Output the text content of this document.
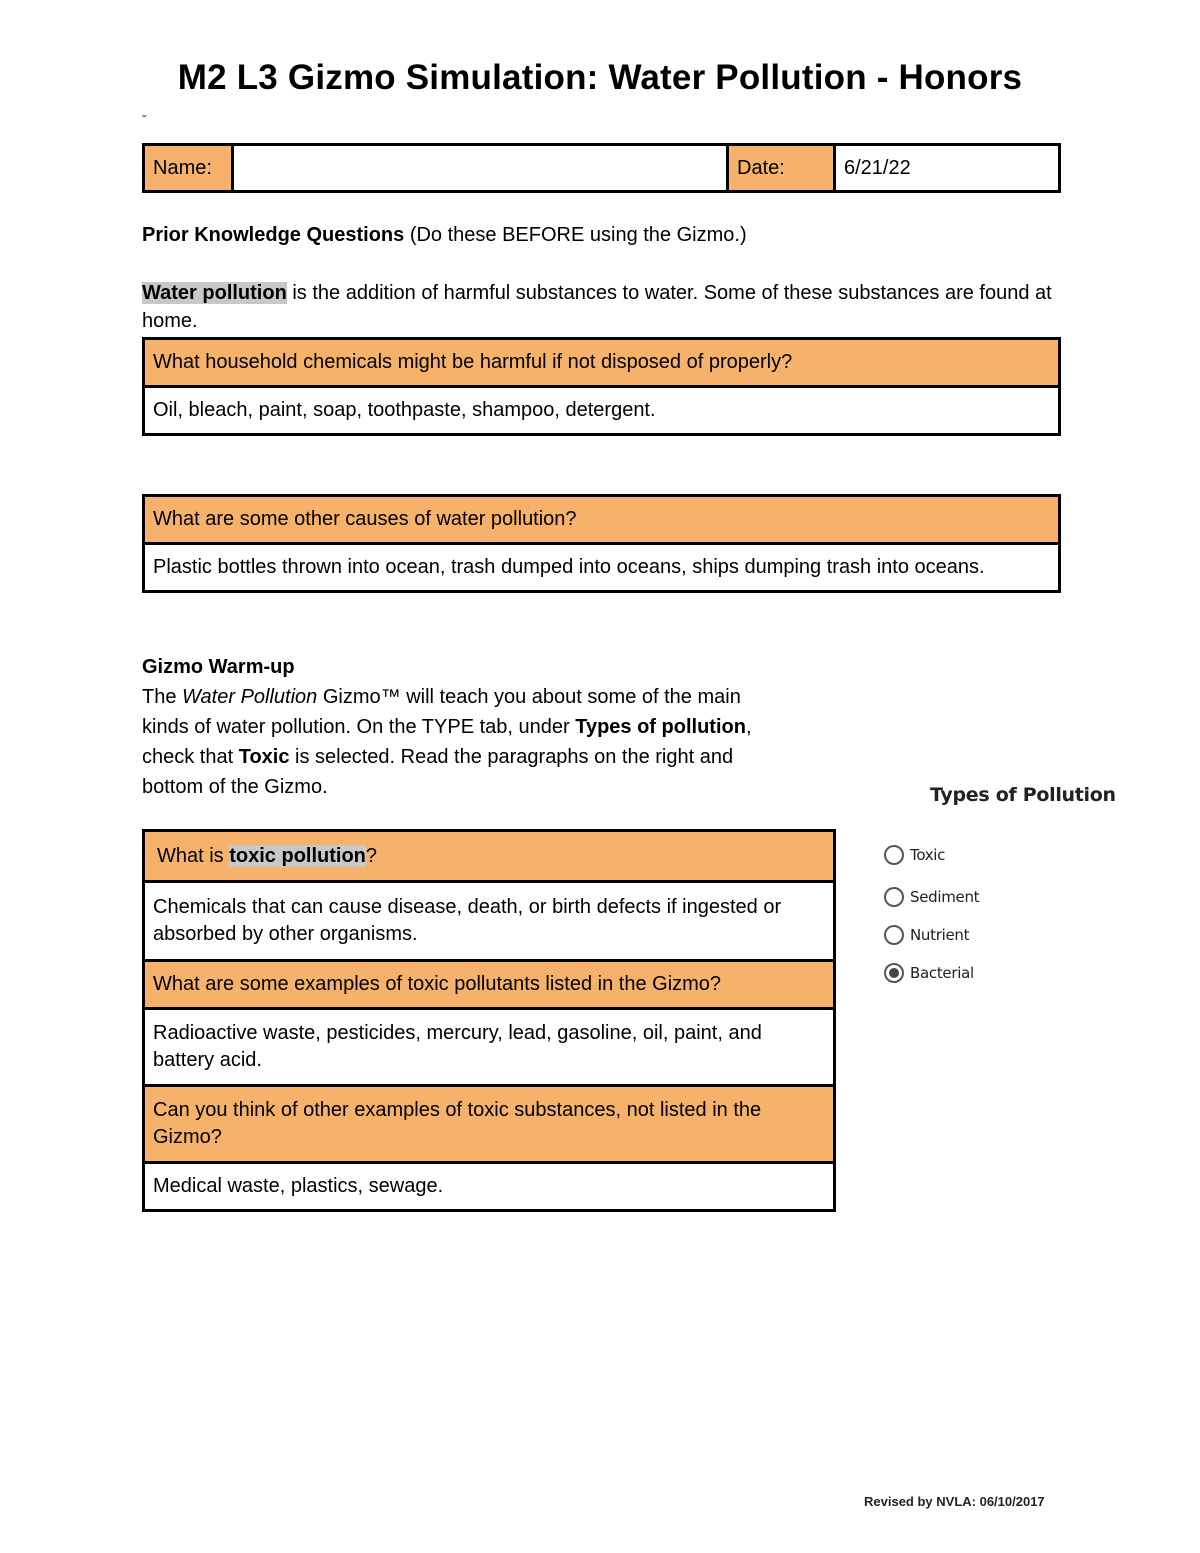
M2 L3 Gizmo Simulation: Water Pollution - Honors
ˇ
Name:		Date:	6/21/22
Prior Knowledge Questions (Do these BEFORE using the Gizmo.)
Water pollution is the addition of harmful substances to water. Some of these substances are found at home.
What household chemicals might be harmful if not disposed of properly?
Oil, bleach, paint, soap, toothpaste, shampoo, detergent.
What are some other causes of water pollution?
Plastic bottles thrown into ocean, trash dumped into oceans, ships dumping trash into oceans.
Gizmo Warm-up
The Water Pollution Gizmo™ will teach you about some of the main kinds of water pollution. On the TYPE tab, under Types of pollution, check that Toxic is selected. Read the paragraphs on the right and bottom of the Gizmo.
What is toxic pollution?
Chemicals that can cause disease, death, or birth defects if ingested or absorbed by other organisms.
What are some examples of toxic pollutants listed in the Gizmo?
Radioactive waste, pesticides, mercury, lead, gasoline, oil, paint, and battery acid.
Can you think of other examples of toxic substances, not listed in the Gizmo?
Medical waste, plastics, sewage.
Types of Pollution
Toxic
Sediment
Nutrient
Bacterial
Revised by NVLA: 06/10/2017
